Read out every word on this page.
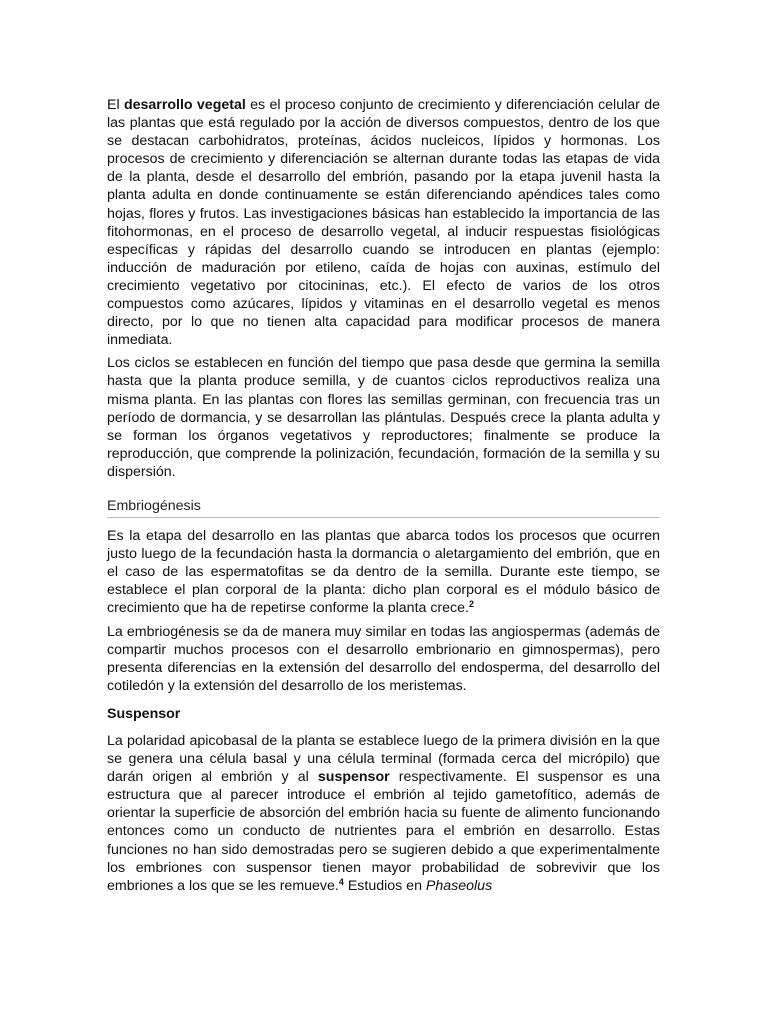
El desarrollo vegetal es el proceso conjunto de crecimiento y diferenciación celular de las plantas que está regulado por la acción de diversos compuestos, dentro de los que se destacan carbohidratos, proteínas, ácidos nucleicos, lípidos y hormonas. Los procesos de crecimiento y diferenciación se alternan durante todas las etapas de vida de la planta, desde el desarrollo del embrión, pasando por la etapa juvenil hasta la planta adulta en donde continuamente se están diferenciando apéndices tales como hojas, flores y frutos. Las investigaciones básicas han establecido la importancia de las fitohormonas, en el proceso de desarrollo vegetal, al inducir respuestas fisiológicas específicas y rápidas del desarrollo cuando se introducen en plantas (ejemplo: inducción de maduración por etileno, caída de hojas con auxinas, estímulo del crecimiento vegetativo por citocininas, etc.). El efecto de varios de los otros compuestos como azúcares, lípidos y vitaminas en el desarrollo vegetal es menos directo, por lo que no tienen alta capacidad para modificar procesos de manera inmediata.

Los ciclos se establecen en función del tiempo que pasa desde que germina la semilla hasta que la planta produce semilla, y de cuantos ciclos reproductivos realiza una misma planta. En las plantas con flores las semillas germinan, con frecuencia tras un período de dormancia, y se desarrollan las plántulas. Después crece la planta adulta y se forman los órganos vegetativos y reproductores; finalmente se produce la reproducción, que comprende la polinización, fecundación, formación de la semilla y su dispersión.

Embriogénesis

Es la etapa del desarrollo en las plantas que abarca todos los procesos que ocurren justo luego de la fecundación hasta la dormancia o aletargamiento del embrión, que en el caso de las espermatofitas se da dentro de la semilla. Durante este tiempo, se establece el plan corporal de la planta: dicho plan corporal es el módulo básico de crecimiento que ha de repetirse conforme la planta crece.$^2$

La embriogénesis se da de manera muy similar en todas las angiospermas (además de compartir muchos procesos con el desarrollo embrionario en gimnospermas), pero presenta diferencias en la extensión del desarrollo del endosperma, del desarrollo del cotiledón y la extensión del desarrollo de los meristemas.

Suspensor

La polaridad apicobasal de la planta se establece luego de la primera división en la que se genera una célula basal y una célula terminal (formada cerca del micrópilo) que darán origen al embrión y al suspensor respectivamente. El suspensor es una estructura que al parecer introduce el embrión al tejido gametofítico, además de orientar la superficie de absorción del embrión hacia su fuente de alimento funcionando entonces como un conducto de nutrientes para el embrión en desarrollo. Estas funciones no han sido demostradas pero se sugieren debido a que experimentalmente los embriones con suspensor tienen mayor probabilidad de sobrevivir que los embriones a los que se les remueve.$^4$ Estudios en Phaseolus
